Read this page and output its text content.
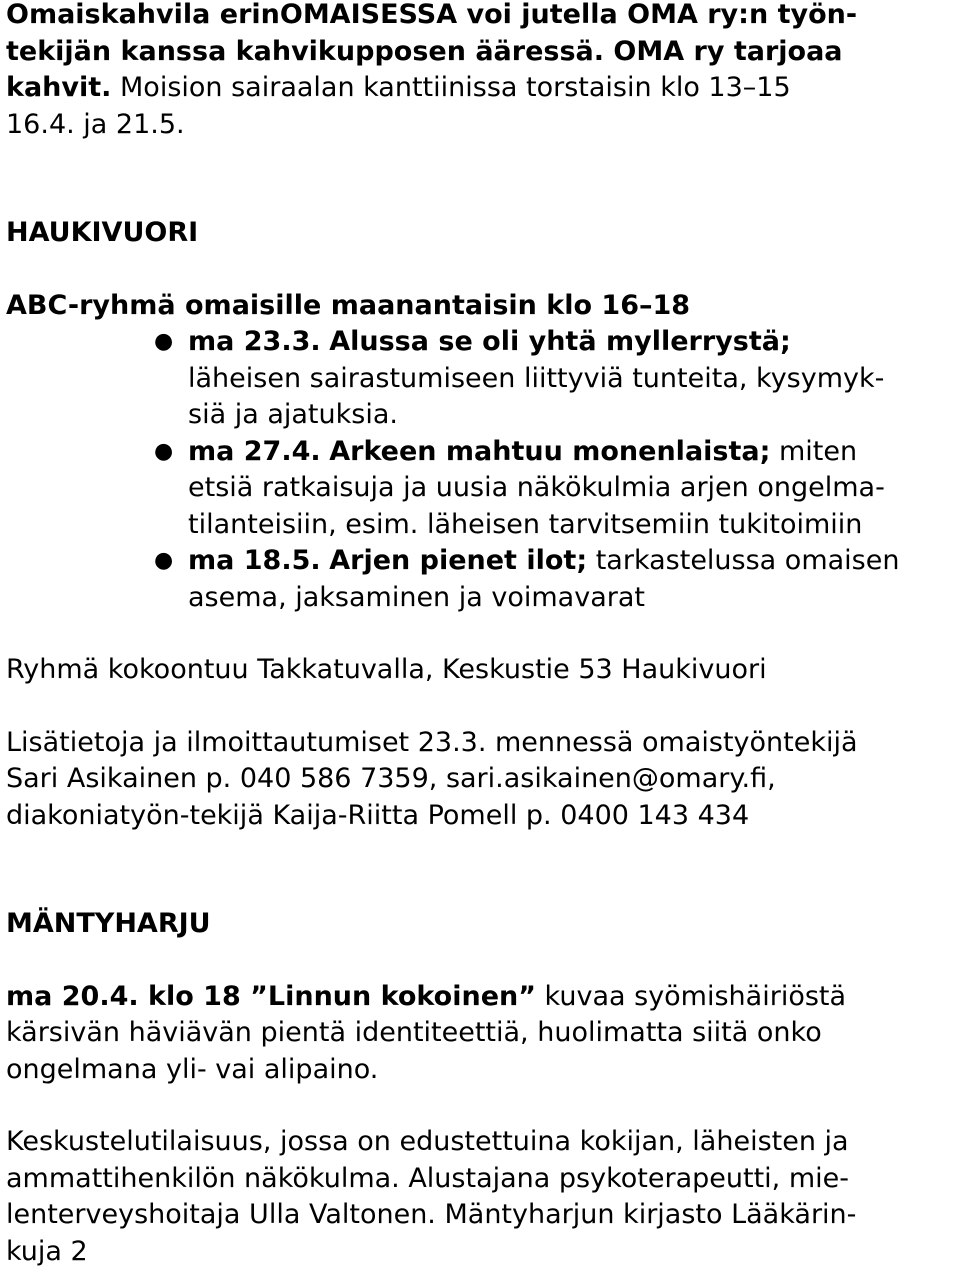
Omaiskahvila erinOMAISESSA voi jutella OMA ry:n työn-
tekijän kanssa kahvikupposen ääressä. OMA ry tarjoaa
kahvit. Moision sairaalan kanttiinissa torstaisin klo 13–15
16.4. ja 21.5.
HAUKIVUORI
ABC-ryhmä omaisille maanantaisin klo 16–18
● ma 23.3. Alussa se oli yhtä myllerrystä;
läheisen sairastumiseen liittyviä tunteita, kysymyk-
siä ja ajatuksia.
● ma 27.4. Arkeen mahtuu monenlaista; miten
etsiä ratkaisuja ja uusia näkökulmia arjen ongelma-
tilanteisiin, esim. läheisen tarvitsemiin tukitoimiin
● ma 18.5. Arjen pienet ilot; tarkastelussa omaisen
asema, jaksaminen ja voimavarat
Ryhmä kokoontuu Takkatuvalla, Keskustie 53 Haukivuori
Lisätietoja ja ilmoittautumiset 23.3. mennessä omaistyöntekijä
Sari Asikainen p. 040 586 7359, sari.asikainen@omary.fi,
diakoniatyön-tekijä Kaija-Riitta Pomell p. 0400 143 434
MÄNTYHARJU
ma 20.4. klo 18 ”Linnun kokoinen” kuvaa syömishäiriöstä
kärsivän häviävän pientä identiteettiä, huolimatta siitä onko
ongelmana yli- vai alipaino.
Keskustelutilaisuus, jossa on edustettuina kokijan, läheisten ja
ammattihenkilön näkökulma. Alustajana psykoterapeutti, mie-
lenterveyshoitaja Ulla Valtonen. Mäntyharjun kirjasto Lääkärin-
kuja 2
